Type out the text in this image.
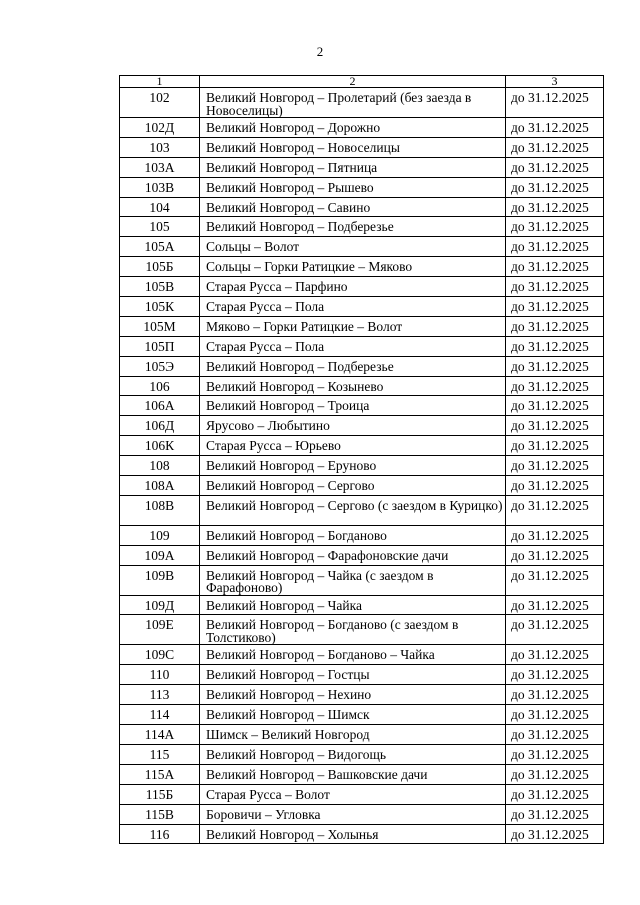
2
1	2	3
102	Великий Новгород – Пролетарий (без заезда в Новоселицы)	до 31.12.2025
102Д	Великий Новгород – Дорожно	до 31.12.2025
103	Великий Новгород – Новоселицы	до 31.12.2025
103А	Великий Новгород – Пятница	до 31.12.2025
103В	Великий Новгород – Рышево	до 31.12.2025
104	Великий Новгород – Савино	до 31.12.2025
105	Великий Новгород – Подберезье	до 31.12.2025
105А	Сольцы – Волот	до 31.12.2025
105Б	Сольцы – Горки Ратицкие – Мяково	до 31.12.2025
105В	Старая Русса – Парфино	до 31.12.2025
105К	Старая Русса – Пола	до 31.12.2025
105М	Мяково – Горки Ратицкие – Волот	до 31.12.2025
105П	Старая Русса – Пола	до 31.12.2025
105Э	Великий Новгород – Подберезье	до 31.12.2025
106	Великий Новгород – Козынево	до 31.12.2025
106А	Великий Новгород – Троица	до 31.12.2025
106Д	Ярусово – Любытино	до 31.12.2025
106К	Старая Русса – Юрьево	до 31.12.2025
108	Великий Новгород – Еруново	до 31.12.2025
108А	Великий Новгород – Сергово	до 31.12.2025
108В	Великий Новгород – Сергово (с заездом в Курицко)	до 31.12.2025
109	Великий Новгород – Богданово	до 31.12.2025
109А	Великий Новгород – Фарафоновские дачи	до 31.12.2025
109В	Великий Новгород – Чайка (с заездом в Фарафоново)	до 31.12.2025
109Д	Великий Новгород – Чайка	до 31.12.2025
109Е	Великий Новгород – Богданово (с заездом в Толстиково)	до 31.12.2025
109С	Великий Новгород – Богданово – Чайка	до 31.12.2025
110	Великий Новгород – Гостцы	до 31.12.2025
113	Великий Новгород – Нехино	до 31.12.2025
114	Великий Новгород – Шимск	до 31.12.2025
114А	Шимск – Великий Новгород	до 31.12.2025
115	Великий Новгород – Видогощь	до 31.12.2025
115А	Великий Новгород – Вашковские дачи	до 31.12.2025
115Б	Старая Русса – Волот	до 31.12.2025
115В	Боровичи – Угловка	до 31.12.2025
116	Великий Новгород – Холынья	до 31.12.2025
